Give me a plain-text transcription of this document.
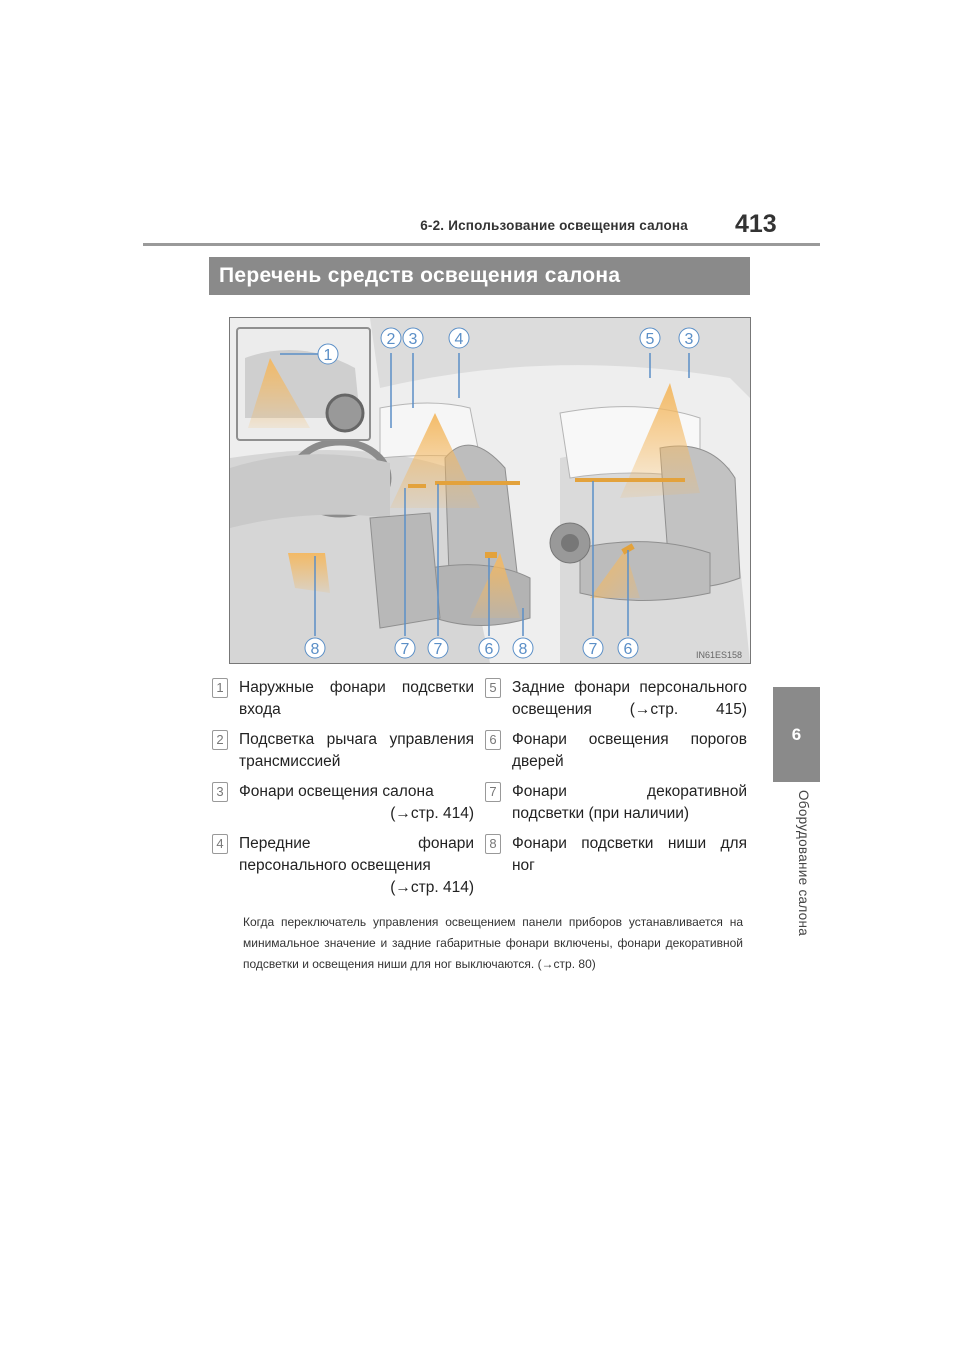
6-2. Использование освещения салона 413
6
Оборудование салона
Перечень средств освещения салона
1
2 3 4	5 3
8	7 7	6 8	7 6	IN61ES158
1 Наружные фонари подсветки
входа
2 Подсветка рычага управления
трансмиссией
3 Фонари освещения салона
(→стр. 414)
4 Передние фонари
персонального освещения
(→стр. 414)
5 Задние фонари персонального
освещения (→стр. 415)
6 Фонари освещения порогов
дверей
7 Фонари декоративной
подсветки (при наличии)
8 Фонари подсветки ниши для
ног
Когда переключатель управления освещением панели приборов устанавливается на минимальное значение и задние габаритные фонари включены, фонари декоративной подсветки и освещения ниши для ног выключаются. (→стр. 80)
